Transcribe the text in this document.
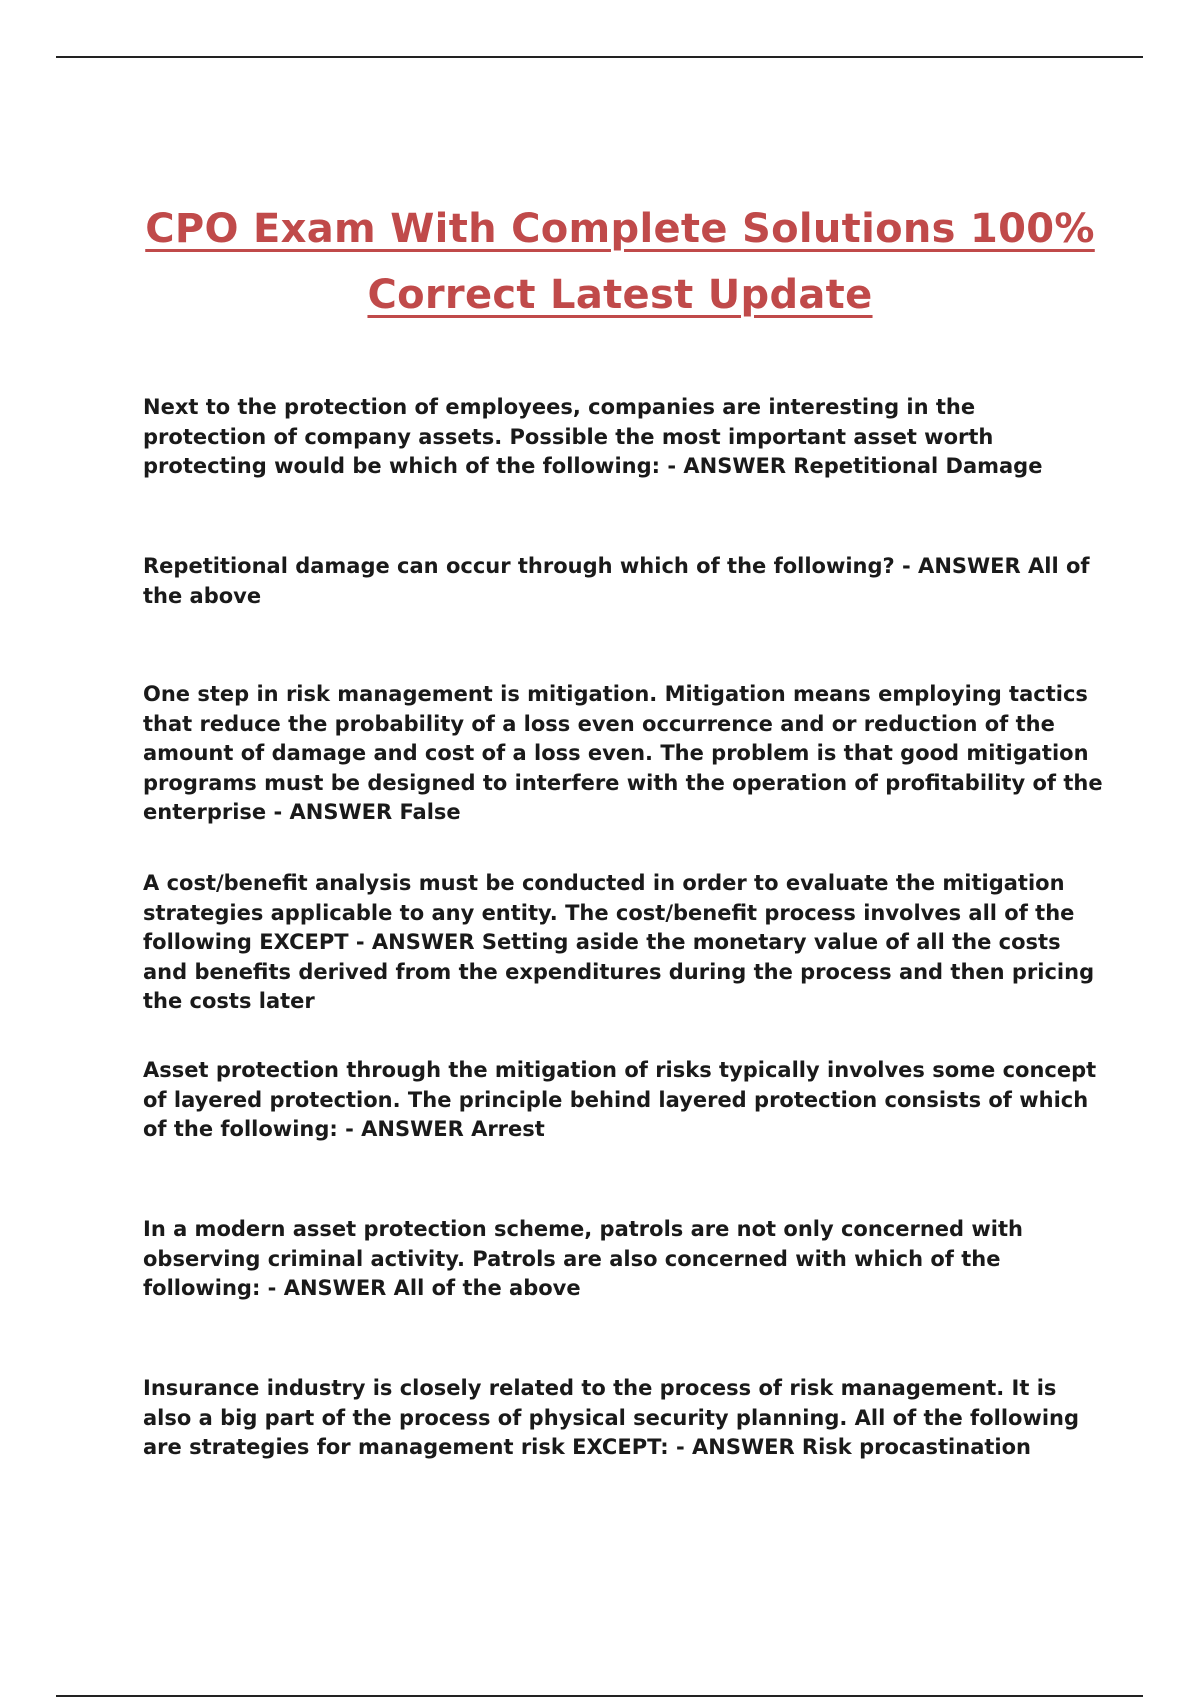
CPO Exam With Complete Solutions 100%
Correct Latest Update

Next to the protection of employees, companies are interesting in the protection of company assets. Possible the most important asset worth protecting would be which of the following: - ANSWER Repetitional Damage

Repetitional damage can occur through which of the following? - ANSWER All of the above

One step in risk management is mitigation. Mitigation means employing tactics that reduce the probability of a loss even occurrence and or reduction of the amount of damage and cost of a loss even. The problem is that good mitigation programs must be designed to interfere with the operation of profitability of the enterprise - ANSWER False

A cost/benefit analysis must be conducted in order to evaluate the mitigation strategies applicable to any entity. The cost/benefit process involves all of the following EXCEPT - ANSWER Setting aside the monetary value of all the costs and benefits derived from the expenditures during the process and then pricing the costs later

Asset protection through the mitigation of risks typically involves some concept of layered protection. The principle behind layered protection consists of which of the following: - ANSWER Arrest

In a modern asset protection scheme, patrols are not only concerned with observing criminal activity. Patrols are also concerned with which of the following: - ANSWER All of the above

Insurance industry is closely related to the process of risk management. It is also a big part of the process of physical security planning. All of the following are strategies for management risk EXCEPT: - ANSWER Risk procastination
